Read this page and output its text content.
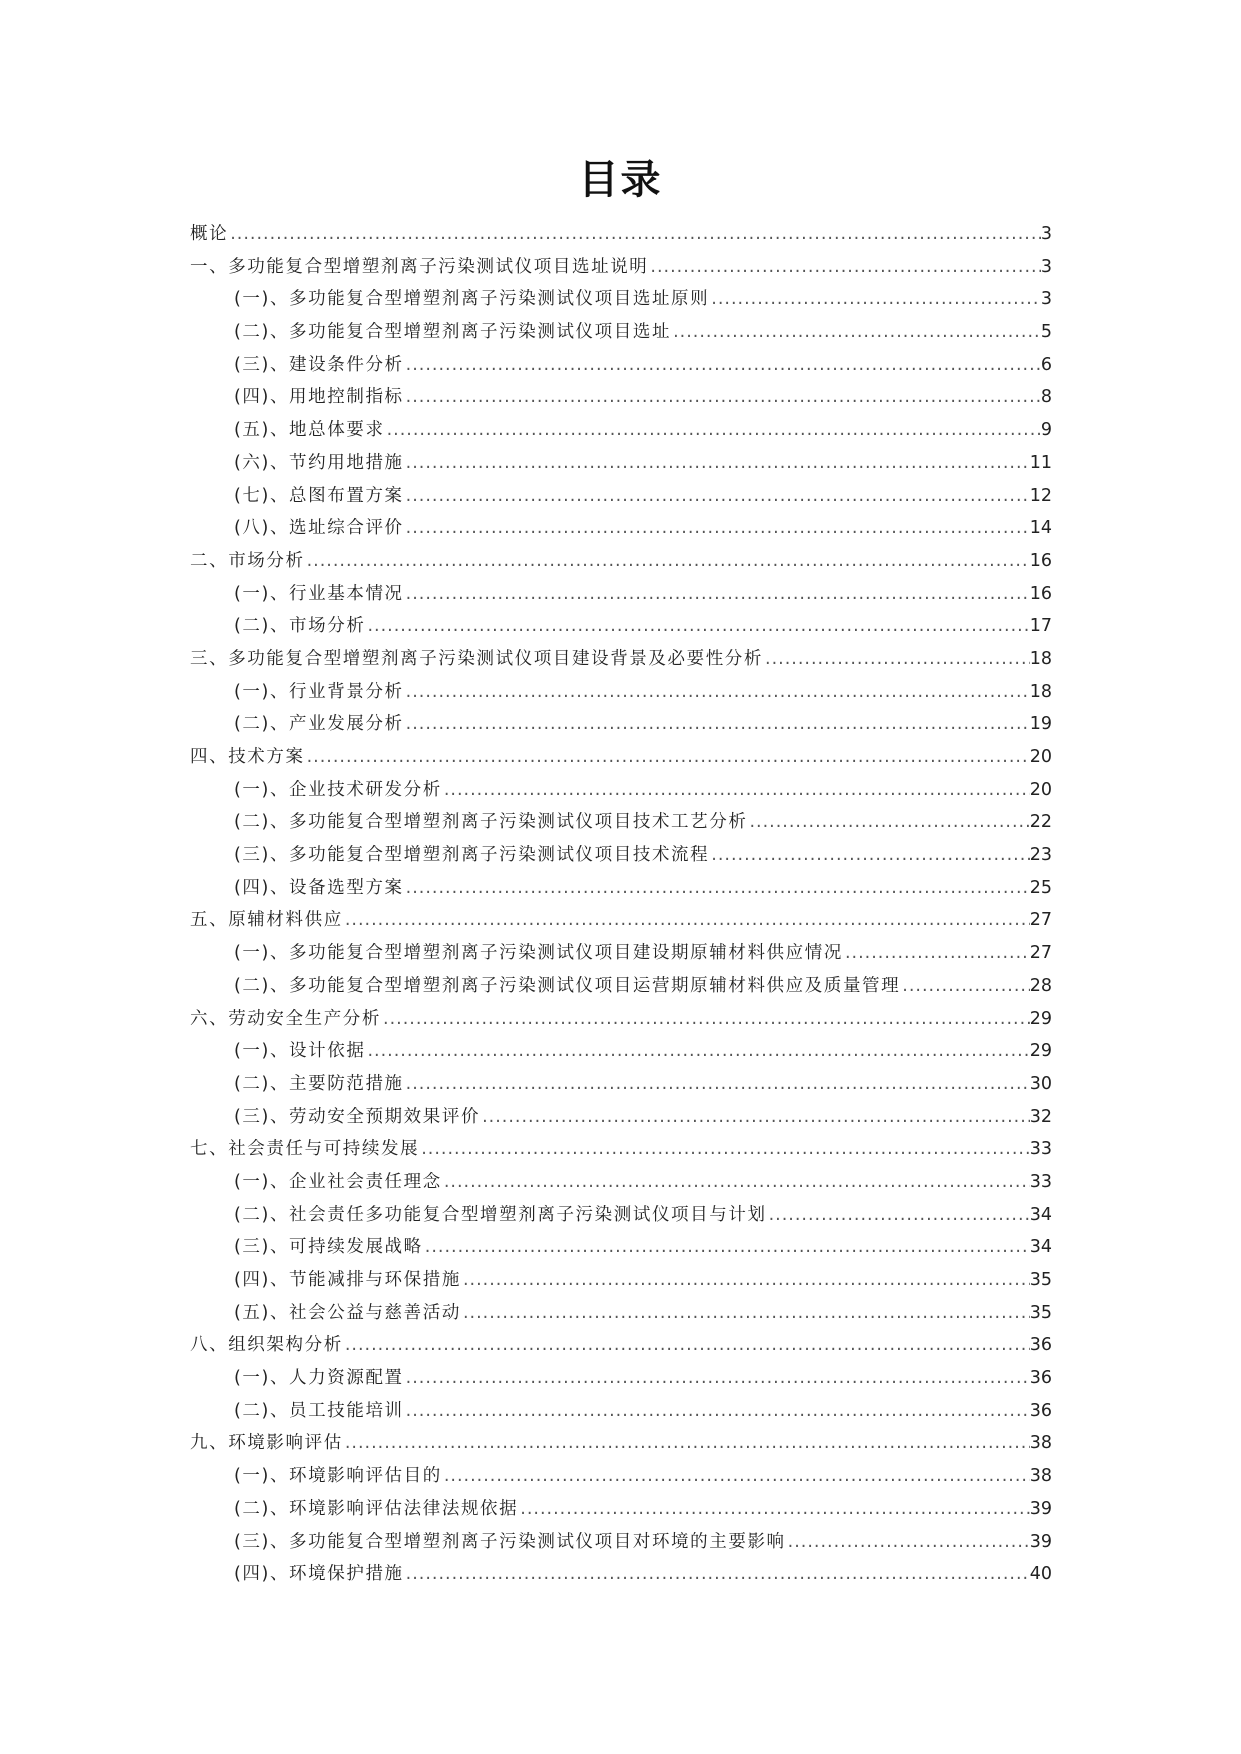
目录
概论 .....	3
一、多功能复合型增塑剂离子污染测试仪项目选址说明 .....	3
(一)、多功能复合型增塑剂离子污染测试仪项目选址原则 .....	3
(二)、多功能复合型增塑剂离子污染测试仪项目选址 .....	5
(三)、建设条件分析 .....	6
(四)、用地控制指标 .....	8
(五)、地总体要求 .....	9
(六)、节约用地措施 .....	11
(七)、总图布置方案 .....	12
(八)、选址综合评价 .....	14
二、市场分析 .....	16
(一)、行业基本情况 .....	16
(二)、市场分析 .....	17
三、多功能复合型增塑剂离子污染测试仪项目建设背景及必要性分析 .....	18
(一)、行业背景分析 .....	18
(二)、产业发展分析 .....	19
四、技术方案 .....	20
(一)、企业技术研发分析 .....	20
(二)、多功能复合型增塑剂离子污染测试仪项目技术工艺分析 .....	22
(三)、多功能复合型增塑剂离子污染测试仪项目技术流程 .....	23
(四)、设备选型方案 .....	25
五、原辅材料供应 .....	27
(一)、多功能复合型增塑剂离子污染测试仪项目建设期原辅材料供应情况 .....	27
(二)、多功能复合型增塑剂离子污染测试仪项目运营期原辅材料供应及质量管理 .....	28
六、劳动安全生产分析 .....	29
(一)、设计依据 .....	29
(二)、主要防范措施 .....	30
(三)、劳动安全预期效果评价 .....	32
七、社会责任与可持续发展 .....	33
(一)、企业社会责任理念 .....	33
(二)、社会责任多功能复合型增塑剂离子污染测试仪项目与计划 .....	34
(三)、可持续发展战略 .....	34
(四)、节能减排与环保措施 .....	35
(五)、社会公益与慈善活动 .....	35
八、组织架构分析 .....	36
(一)、人力资源配置 .....	36
(二)、员工技能培训 .....	36
九、环境影响评估 .....	38
(一)、环境影响评估目的 .....	38
(二)、环境影响评估法律法规依据 .....	39
(三)、多功能复合型增塑剂离子污染测试仪项目对环境的主要影响 .....	39
(四)、环境保护措施 .....	40
